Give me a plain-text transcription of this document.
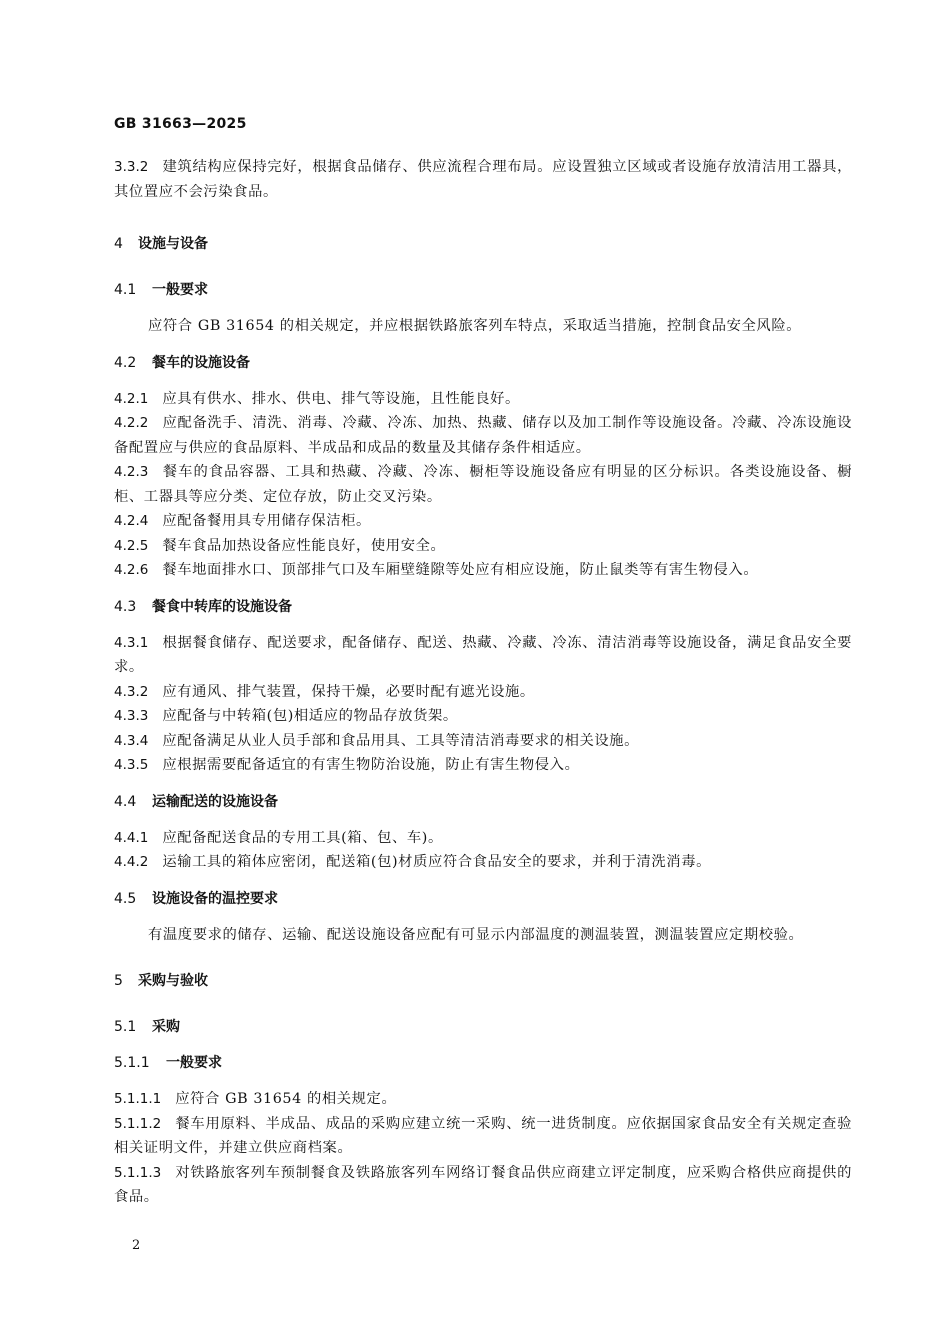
GB 31663—2025

3.3.2 建筑结构应保持完好，根据食品储存、供应流程合理布局。应设置独立区域或者设施存放清洁用工器具，其位置应不会污染食品。

4 设施与设备

4.1 一般要求

应符合 GB 31654 的相关规定，并应根据铁路旅客列车特点，采取适当措施，控制食品安全风险。

4.2 餐车的设施设备

4.2.1 应具有供水、排水、供电、排气等设施，且性能良好。

4.2.2 应配备洗手、清洗、消毒、冷藏、冷冻、加热、热藏、储存以及加工制作等设施设备。冷藏、冷冻设施设备配置应与供应的食品原料、半成品和成品的数量及其储存条件相适应。

4.2.3 餐车的食品容器、工具和热藏、冷藏、冷冻、橱柜等设施设备应有明显的区分标识。各类设施设备、橱柜、工器具等应分类、定位存放，防止交叉污染。

4.2.4 应配备餐用具专用储存保洁柜。

4.2.5 餐车食品加热设备应性能良好，使用安全。

4.2.6 餐车地面排水口、顶部排气口及车厢壁缝隙等处应有相应设施，防止鼠类等有害生物侵入。

4.3 餐食中转库的设施设备

4.3.1 根据餐食储存、配送要求，配备储存、配送、热藏、冷藏、冷冻、清洁消毒等设施设备，满足食品安全要求。

4.3.2 应有通风、排气装置，保持干燥，必要时配有遮光设施。

4.3.3 应配备与中转箱(包)相适应的物品存放货架。

4.3.4 应配备满足从业人员手部和食品用具、工具等清洁消毒要求的相关设施。

4.3.5 应根据需要配备适宜的有害生物防治设施，防止有害生物侵入。

4.4 运输配送的设施设备

4.4.1 应配备配送食品的专用工具(箱、包、车)。

4.4.2 运输工具的箱体应密闭，配送箱(包)材质应符合食品安全的要求，并利于清洗消毒。

4.5 设施设备的温控要求

有温度要求的储存、运输、配送设施设备应配有可显示内部温度的测温装置，测温装置应定期校验。

5 采购与验收

5.1 采购

5.1.1 一般要求

5.1.1.1 应符合 GB 31654 的相关规定。

5.1.1.2 餐车用原料、半成品、成品的采购应建立统一采购、统一进货制度。应依据国家食品安全有关规定查验相关证明文件，并建立供应商档案。

5.1.1.3 对铁路旅客列车预制餐食及铁路旅客列车网络订餐食品供应商建立评定制度，应采购合格供应商提供的食品。

2
